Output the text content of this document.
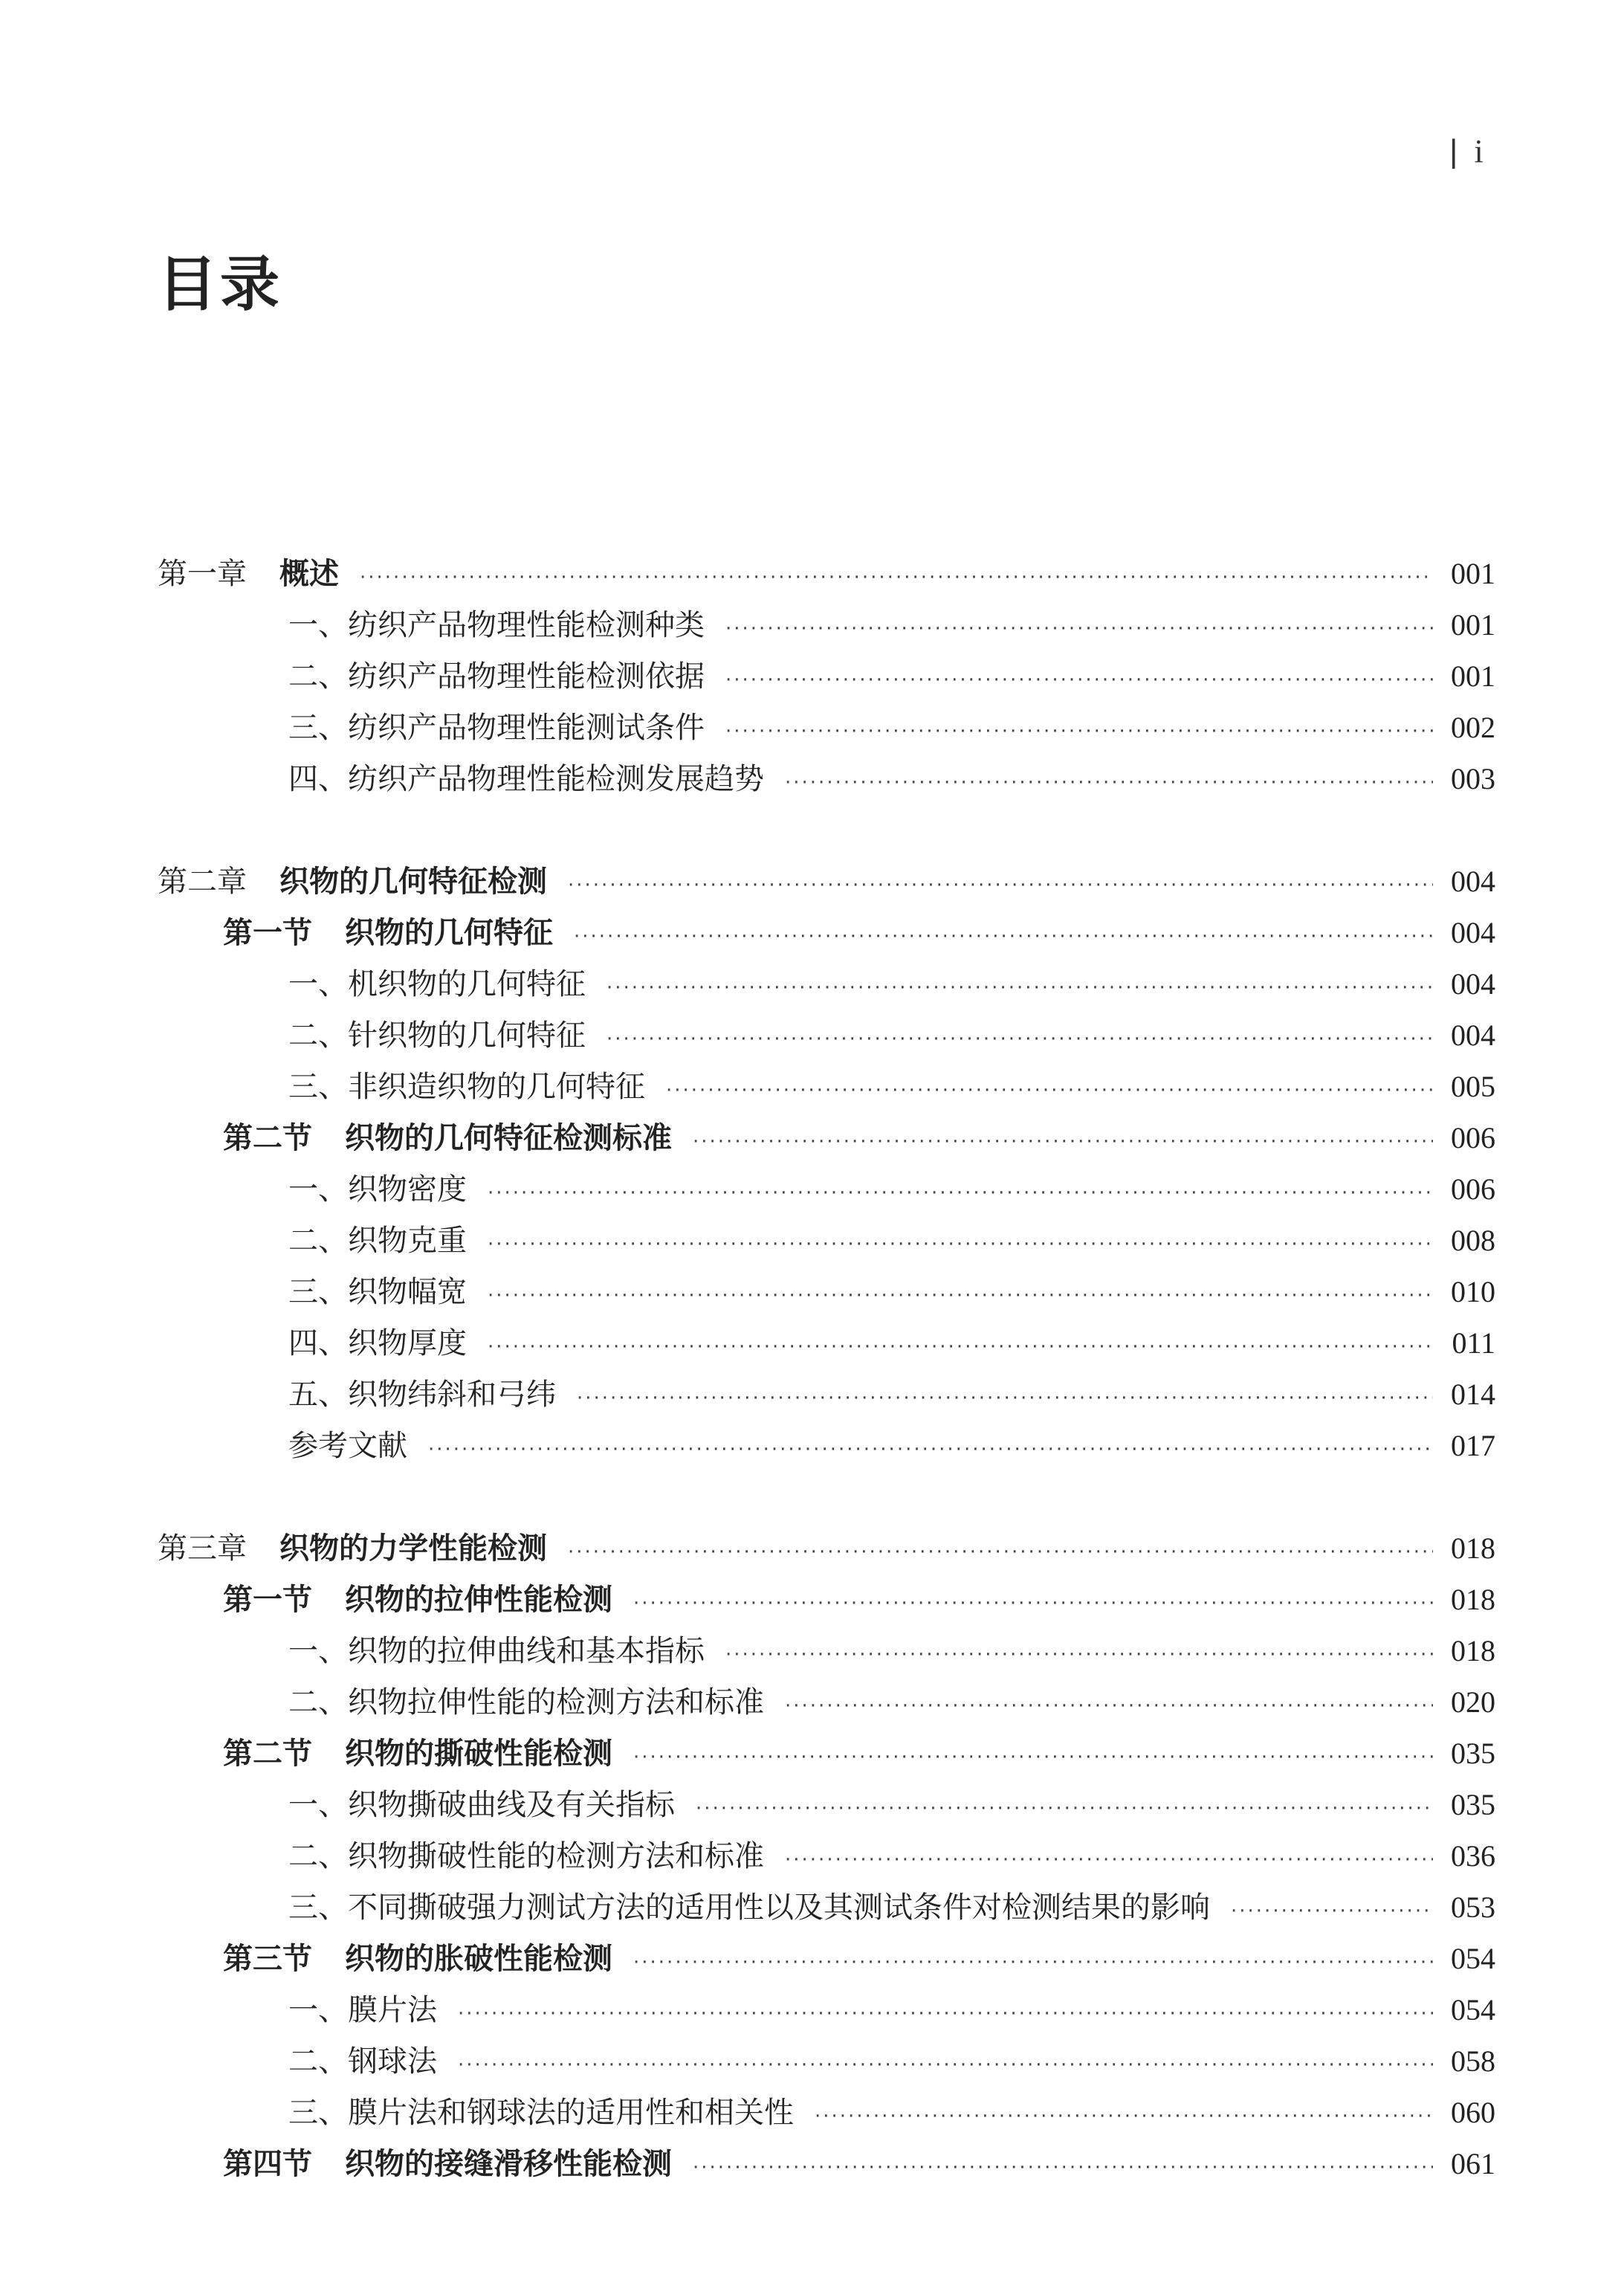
| i
目录
第一章 概述 ·····	001
一、纺织产品物理性能检测种类 ·····	001
二、纺织产品物理性能检测依据 ·····	001
三、纺织产品物理性能测试条件 ·····	002
四、纺织产品物理性能检测发展趋势 ·····	003
第二章 织物的几何特征检测 ·····	004
第一节 织物的几何特征 ·····	004
一、机织物的几何特征 ·····	004
二、针织物的几何特征 ·····	004
三、非织造织物的几何特征 ·····	005
第二节 织物的几何特征检测标准 ·····	006
一、织物密度 ·····	006
二、织物克重 ·····	008
三、织物幅宽 ·····	010
四、织物厚度 ·····	011
五、织物纬斜和弓纬 ·····	014
参考文献 ·····	017
第三章 织物的力学性能检测 ·····	018
第一节 织物的拉伸性能检测 ·····	018
一、织物的拉伸曲线和基本指标 ·····	018
二、织物拉伸性能的检测方法和标准 ·····	020
第二节 织物的撕破性能检测 ·····	035
一、织物撕破曲线及有关指标 ·····	035
二、织物撕破性能的检测方法和标准 ·····	036
三、不同撕破强力测试方法的适用性以及其测试条件对检测结果的影响 ·····	053
第三节 织物的胀破性能检测 ·····	054
一、膜片法 ·····	054
二、钢球法 ·····	058
三、膜片法和钢球法的适用性和相关性 ·····	060
第四节 织物的接缝滑移性能检测 ·····	061
